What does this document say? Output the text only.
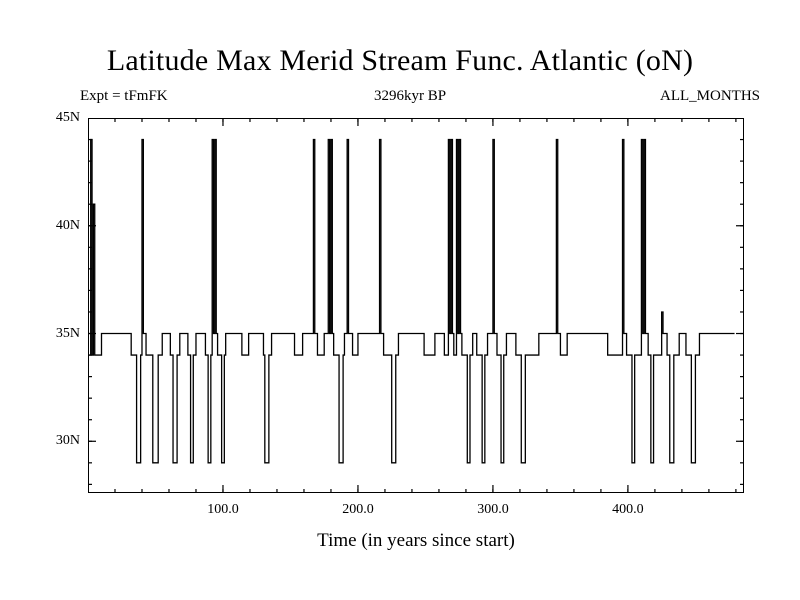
Latitude Max Merid Stream Func. Atlantic (oN)
Expt = tFmFK	3296kyr BP	ALL_MONTHS
30N
35N
40N
45N
100.0	200.0	300.0	400.0
Time (in years since start)
